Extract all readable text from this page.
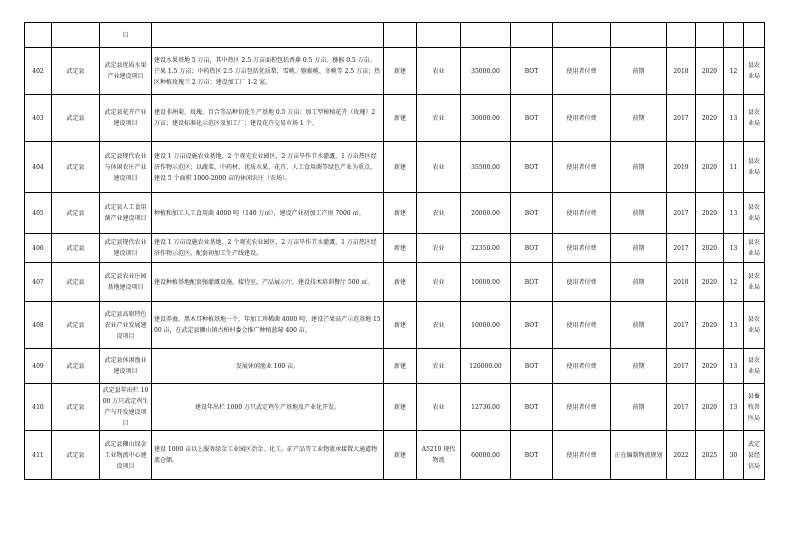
		目											
402	武定县	武定县优质水果产业建设项目	建设水果基地 5 万亩，其中热区 2.5 万亩面积包括香蕉 0.5 万亩、猕猴 0.5 万亩、芒果 1.5 万亩；中药热区 2.5 万亩包括优质梨、雪桃、猕猴桃、冬桃等 2.5 万亩；热区种植玫瑰兰 2 万亩；建设加工厂 1-2 家。	新建	农业	35000.00	BOT	使用者付费	前期	2018	2020	12	县农业局
403	武定县	武定县花卉产业建设项目	建设非洲菊、玫瑰、百合等品种切花生产基地 0.5 万亩；加工型秘植花卉（玫瑰）2 万亩；建设标准化示范区及加工厂；建设花卉交易市场 1 个。	新建	农业	30000.00	BOT	使用者付费	前期	2017	2020	13	县农业局
404	武定县	武定县现代农业与休闲农庄产业建设项目	建设 1 万亩设施农业基地、2 个观光农业园区，2 万亩旱作节水灌溉，1 万亩热区经济作物示范区；以蔬菜、中药材、优质水果、花卉、人工食用菌等绿色产业为重点，建设 5 个面积 1000-2000 亩的休闲农庄（农场）。	新建	农业	35500.00	BOT	使用者付费	前期	2019	2020	11	县农业局
405	武定县	武定县人工食用菌产业建设项目	种植和加工人工食用菌 4000 吨（140 万㎡），建设产业初加工产房 7000 ㎡。	新建	农业	20000.00	BOT	使用者付费	前期	2017	2020	13	县农业局
406	武定县	武定县现代农业建设项目	建设 1 万亩设施农业基地、2 个观光农业园区，2 万亩旱作节水灌溉，1 万亩热区经济作物示范区，配套初加工生产线建设。	新建	农业	22350.00	BOT	使用者付费	前期	2017	2020	13	县农业局
407	武定县	武定县农业庄园基地建设项目	建设种植基地配套强灌溉设施，接待室，产品展示厅，建设技术培训餐厅 500 ㎡。	新建	农业	10000.00	BOT	使用者付费	前期	2018	2020	12	县农业局
408	武定县	武定县高原特色农业产业发展建设项目	建设养蚕，黑木耳种植基地一个，年加工珍稀菌 4000 吨；建设芒果高产示范基地 1500 亩，在武定县狮山镇古柏村委会推广种植蓝莓 400 亩。	新建	农业	10000.00	BOT	使用者付费	前期	2017	2020	13	县农业局
409	武定县	武定县休闲渔业建设项目	发展休闲渔业 100 亩。	新建	农业	120000.00	BOT	使用者付费	前期	2017	2020	13	县农业局
410	武定县	武定县年出栏 1000 万只武定鸡生产与开发建设项目	建设年出栏 1000 万只武定鸡生产基地及产业化开发。	新建	农业	12736.00	BOT	使用者付费	前期	2017	2020	13	县畜牧兽医局
411	武定县	武定县狮山绿金工业物流中心建设项目	建设 1000 亩以上服务绿金工业园区冶金、化工、矿产品等工业物流承接置大通道物流仓储。	新建	A5210 现代物流	60000.00	BOT	使用者付费	正在编制物流规划	2022	2025	30	武定县经信局
